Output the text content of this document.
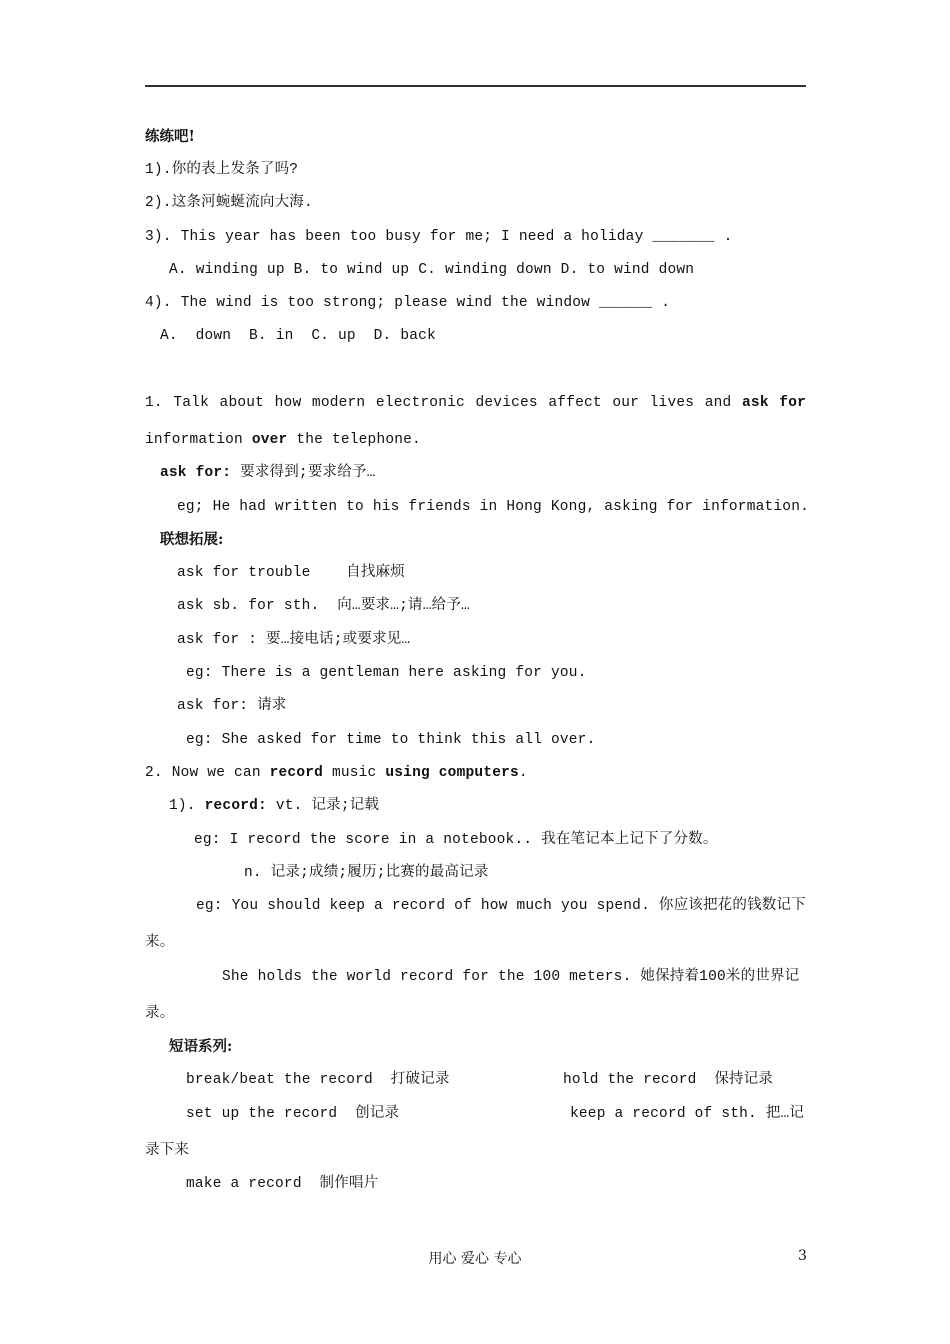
练练吧!
1).你的表上发条了吗?
2).这条河蜿蜒流向大海.
3). This year has been too busy for me; I need a holiday _______ .
A. winding up B. to wind up C. winding down D. to wind down
4). The wind is too strong; please wind the window ______ .
A.  down  B. in  C. up  D. back
1. Talk about how modern electronic devices affect our lives and ask for
information over the telephone.
ask for: 要求得到;要求给予…
eg; He had written to his friends in Hong Kong, asking for information.
联想拓展:
ask for trouble    自找麻烦
ask sb. for sth.  向…要求…;请…给予…
ask for : 要…接电话;或要求见…
eg: There is a gentleman here asking for you.
ask for: 请求
eg: She asked for time to think this all over.
2. Now we can record music using computers.
1). record: vt. 记录;记载
eg: I record the score in a notebook.. 我在笔记本上记下了分数。
n. 记录;成绩;履历;比赛的最高记录
eg: You should keep a record of how much you spend. 你应该把花的钱数记下
来。
She holds the world record for the 100 meters. 她保持着100米的世界记
录。
短语系列:
break/beat the record  打破记录	hold the record  保持记录
set up the record  创记录	keep a record of sth. 把…记
录下来
make a record  制作唱片
用心 爱心 专心	3
